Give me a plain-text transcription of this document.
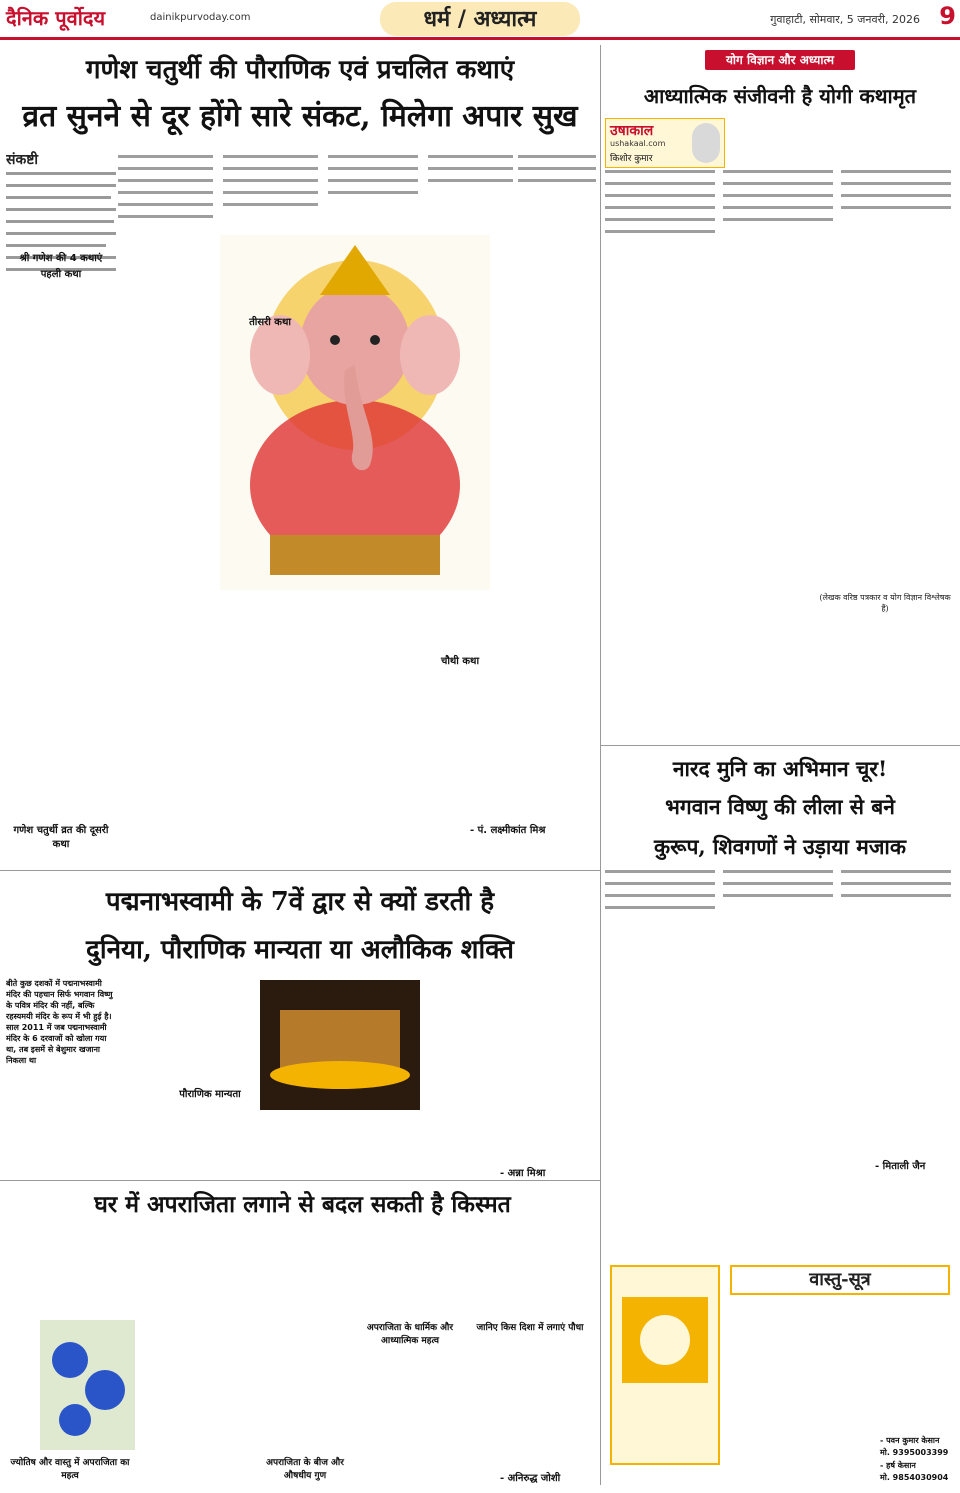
दैनिक पूर्वोदय	dainikpurvoday.com	धर्म / अध्यात्म	गुवाहाटी, सोमवार, 5 जनवरी, 2026 9
गणेश चतुर्थी की पौराणिक एवं प्रचलित कथाएं
व्रत सुनने से दूर होंगे सारे संकट, मिलेगा अपार सुख
संकष्टी
श्री गणेश की 4 कथाएं
पहली कथा
गणेश चतुर्थी व्रत की दूसरी कथा
तीसरी कथा
चौथी कथा
- पं. लक्ष्मीकांत मिश्र
योग विज्ञान और अध्यात्म
आध्यात्मिक संजीवनी है योगी कथामृत
उषाकाल
ushakaal.com
किशोर कुमार
(लेखक वरिष्ठ पत्रकार व योग विज्ञान विश्लेषक हैं)
नारद मुनि का अभिमान चूर!
भगवान विष्णु की लीला से बने
कुरूप, शिवगणों ने उड़ाया मजाक
- मिताली जैन
पद्मनाभस्वामी के 7वें द्वार से क्यों डरती है
दुनिया, पौराणिक मान्यता या अलौकिक शक्ति
बीते कुछ दशकों में पद्मनाभस्वामी मंदिर की पहचान सिर्फ भगवान विष्णु के पवित्र मंदिर की नहीं, बल्कि रहस्यमयी मंदिर के रूप में भी हुई है। साल 2011 में जब पद्मनाभस्वामी मंदिर के 6 दरवाजों को खोला गया था, तब इसमें से बेशुमार खजाना निकला था
पौराणिक मान्यता
- अन्ना मिश्रा
घर में अपराजिता लगाने से बदल सकती है किस्मत
ज्योतिष और वास्तु में अपराजिता का महत्व
अपराजिता के बीज और औषधीय गुण
अपराजिता के धार्मिक और आध्यात्मिक महत्व
जानिए किस दिशा में लगाएं पौधा
- अनिरुद्ध जोशी
वास्तु-सूत्र
- पवन कुमार केसान
मो. 9395003399
- हर्ष केसान
मो. 9854030904
